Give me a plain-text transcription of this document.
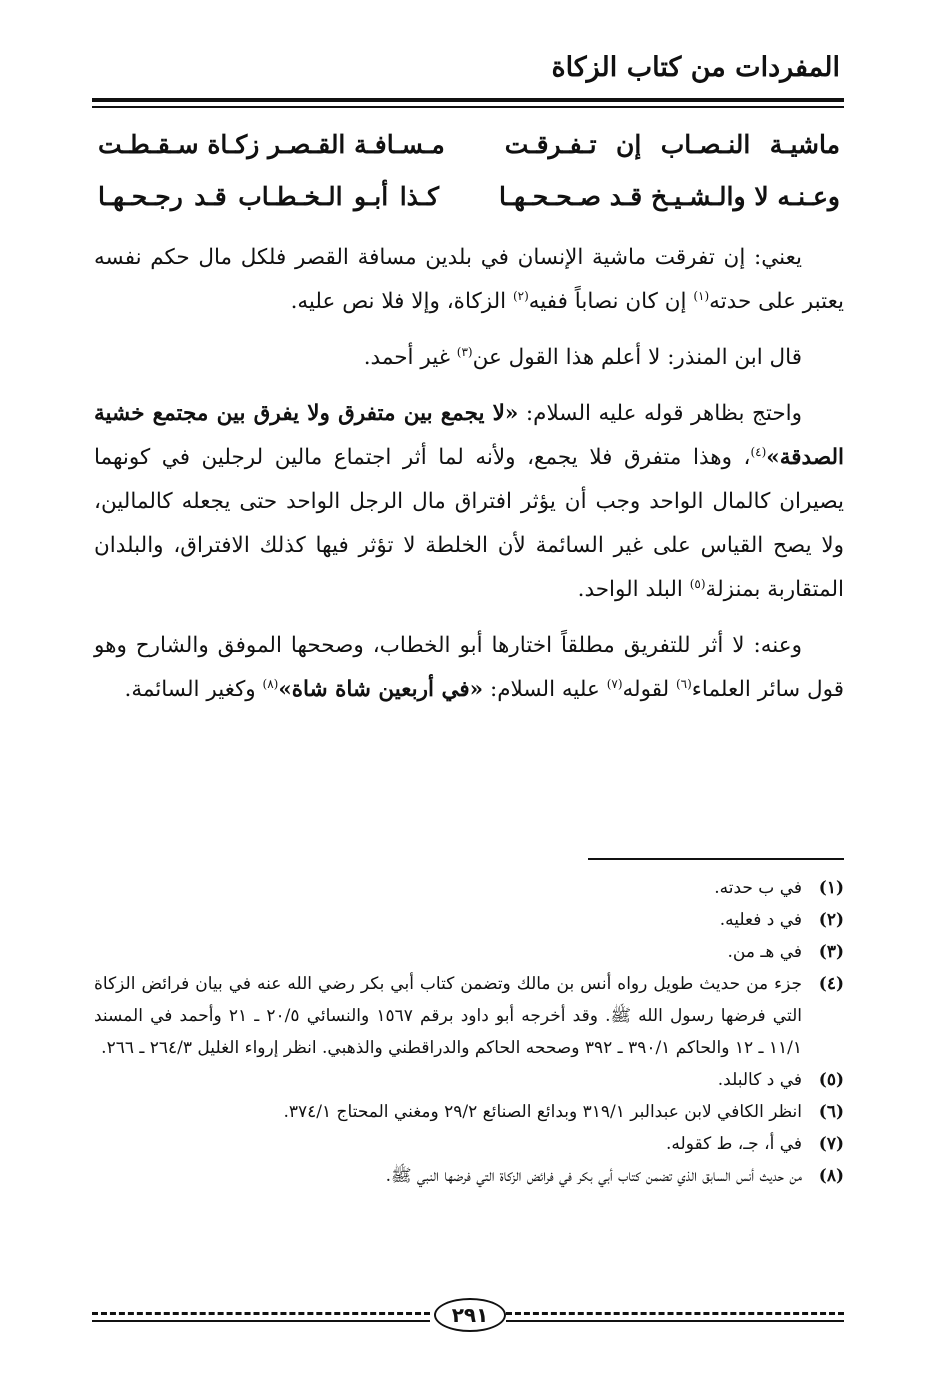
المفردات من كتاب الزكاة
ماشيـة النـصـاب إن تـفـرقـت
مـسـافـة القـصـر زكـاة سـقـطـت
وعـنـه لا والـشـيـخ قـد صـحـحـهـا
كـذا أبـو الـخـطـاب قـد رجـحـهـا

يعني: إن تفرقت ماشية الإنسان في بلدين مسافة القصر فلكل مال حكم نفسه يعتبر على حدته$^{(١)}$ إن كان نصاباً ففيه$^{(٢)}$ الزكاة، وإلا فلا نص عليه.

قال ابن المنذر: لا أعلم هذا القول عن$^{(٣)}$ غير أحمد.

واحتج بظاهر قوله عليه السلام: «لا يجمع بين متفرق ولا يفرق بين مجتمع خشية الصدقة»$^{(٤)}$، وهذا متفرق فلا يجمع، ولأنه لما أثر اجتماع مالين لرجلين في كونهما يصيران كالمال الواحد وجب أن يؤثر افتراق مال الرجل الواحد حتى يجعله كالمالين، ولا يصح القياس على غير السائمة لأن الخلطة لا تؤثر فيها كذلك الافتراق، والبلدان المتقاربة بمنزلة$^{(٥)}$ البلد الواحد.

وعنه: لا أثر للتفريق مطلقاً اختارها أبو الخطاب، وصححها الموفق والشارح وهو قول سائر العلماء$^{(٦)}$ لقوله$^{(٧)}$ عليه السلام: «في أربعين شاة شاة»$^{(٨)}$ وكغير السائمة.

(١)
في ب حدته.
(٢)
في د فعليه.
(٣)
في هـ من.
(٤)
جزء من حديث طويل رواه أنس بن مالك وتضمن كتاب أبي بكر رضي الله عنه في بيان فرائض الزكاة التي فرضها رسول الله ﷺ. وقد أخرجه أبو داود برقم ١٥٦٧ والنسائي ٢٠/٥ ـ ٢١ وأحمد في المسند ١١/١ ـ ١٢ والحاكم ٣٩٠/١ ـ ٣٩٢ وصححه الحاكم والدراقطني والذهبي. انظر إرواء الغليل ٢٦٤/٣ ـ ٢٦٦.
(٥)
في د كالبلد.
(٦)
انظر الكافي لابن عبدالبر ٣١٩/١ وبدائع الصنائع ٢٩/٢ ومغني المحتاج ٣٧٤/١.
(٧)
في أ، جـ، ط كقوله.
(٨)
من حديث أنس السابق الذي تضمن كتاب أبي بكر في فرائض الزكاة التي فرضها النبي ﷺ.
٢٩١
